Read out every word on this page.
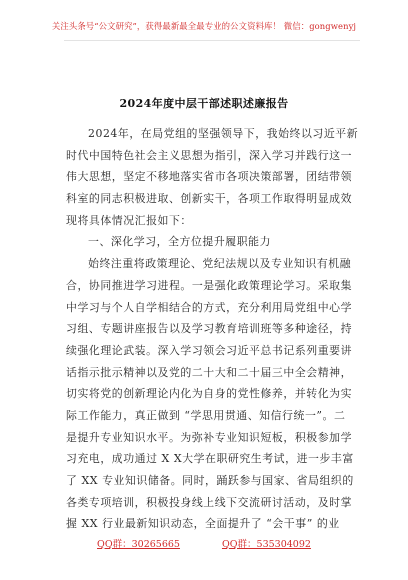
关注头条号“公文研究”，获得最新最全最专业的公文资料库！ 微信：gongwenyj
2024年度中层干部述职述廉报告
2024年，在局党组的坚强领导下，我始终以习近平新
时代中国特色社会主义思想为指引，深入学习并践行这一
伟大思想，坚定不移地落实省市各项决策部署，团结带领
科室的同志积极进取、创新实干，各项工作取得明显成效
现将具体情况汇报如下：
一、深化学习，全方位提升履职能力
始终注重将政策理论、党纪法规以及专业知识有机融
合，协同推进学习进程。一是强化政策理论学习。采取集
中学习与个人自学相结合的方式，充分利用局党组中心学
习组、专题讲座报告以及学习教育培训班等多种途径，持
续强化理论武装。深入学习领会习近平总书记系列重要讲
话指示批示精神以及党的二十大和二十届三中全会精神，
切实将党的创新理论内化为自身的党性修养，并转化为实
际工作能力，真正做到 “学思用贯通、知信行统一”。二
是提升专业知识水平。为弥补专业知识短板，积极参加学
习充电，成功通过 X X大学在职研究生考试，进一步丰富
了 XX 专业知识储备。同时，踊跃参与国家、省局组织的
各类专项培训，积极投身线上线下交流研讨活动，及时掌
握 XX 行业最新知识动态，全面提升了 “会干事” 的业
QQ群：30265665	QQ群：535304092
